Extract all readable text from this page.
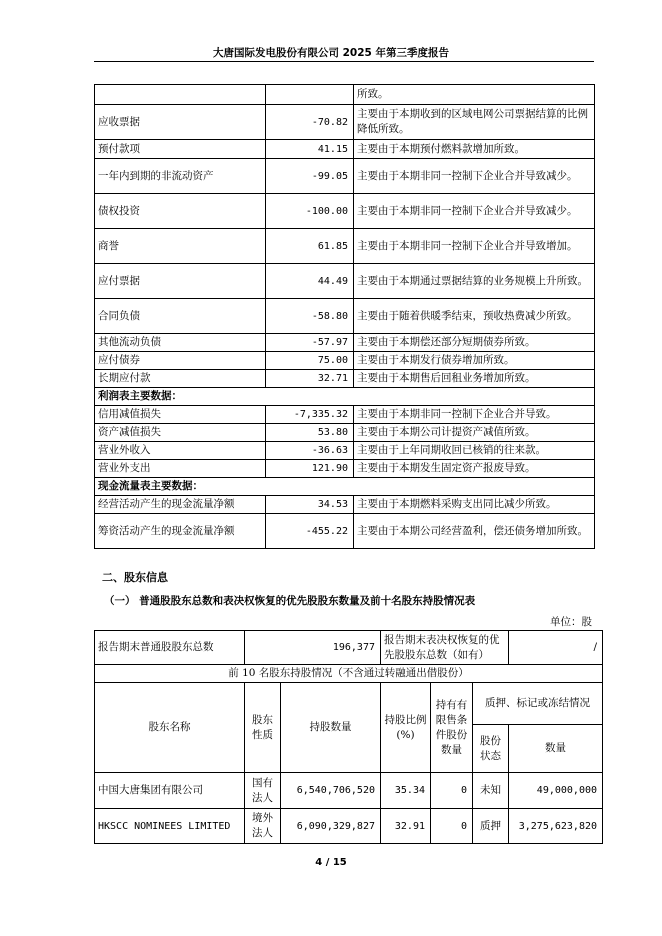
大唐国际发电股份有限公司 2025 年第三季度报告
		所致。
应收票据	-70.82	主要由于本期收到的区域电网公司票据结算的比例降低所致。
预付款项	41.15	主要由于本期预付燃料款增加所致。
一年内到期的非流动资产	-99.05	主要由于本期非同一控制下企业合并导致减少。
债权投资	-100.00	主要由于本期非同一控制下企业合并导致减少。
商誉	61.85	主要由于本期非同一控制下企业合并导致增加。
应付票据	44.49	主要由于本期通过票据结算的业务规模上升所致。
合同负债	-58.80	主要由于随着供暖季结束，预收热费减少所致。
其他流动负债	-57.97	主要由于本期偿还部分短期债券所致。
应付债券	75.00	主要由于本期发行债券增加所致。
长期应付款	32.71	主要由于本期售后回租业务增加所致。
利润表主要数据：		
信用减值损失	-7,335.32	主要由于本期非同一控制下企业合并导致。
资产减值损失	53.80	主要由于本期公司计提资产减值所致。
营业外收入	-36.63	主要由于上年同期收回已核销的往来款。
营业外支出	121.90	主要由于本期发生固定资产报废导致。
现金流量表主要数据：		
经营活动产生的现金流量净额	34.53	主要由于本期燃料采购支出同比减少所致。
筹资活动产生的现金流量净额	-455.22	主要由于本期公司经营盈利，偿还债务增加所致。
二、股东信息
（一） 普通股股东总数和表决权恢复的优先股股东数量及前十名股东持股情况表
单位：股
报告期末普通股股东总数	196,377		报告期末表决权恢复的优先股股东总数（如有）			/
前 10 名股东持股情况（不含通过转融通出借股份）						
股东名称	股东性质	持股数量	持股比例(%)	持有有限售条件股份数量	质押、标记或冻结情况	
					股份状态	数量
中国大唐集团有限公司	国有法人	6,540,706,520	35.34	0	未知	49,000,000
HKSCC NOMINEES LIMITED	境外法人	6,090,329,827	32.91	0	质押	3,275,623,820
4 / 15
